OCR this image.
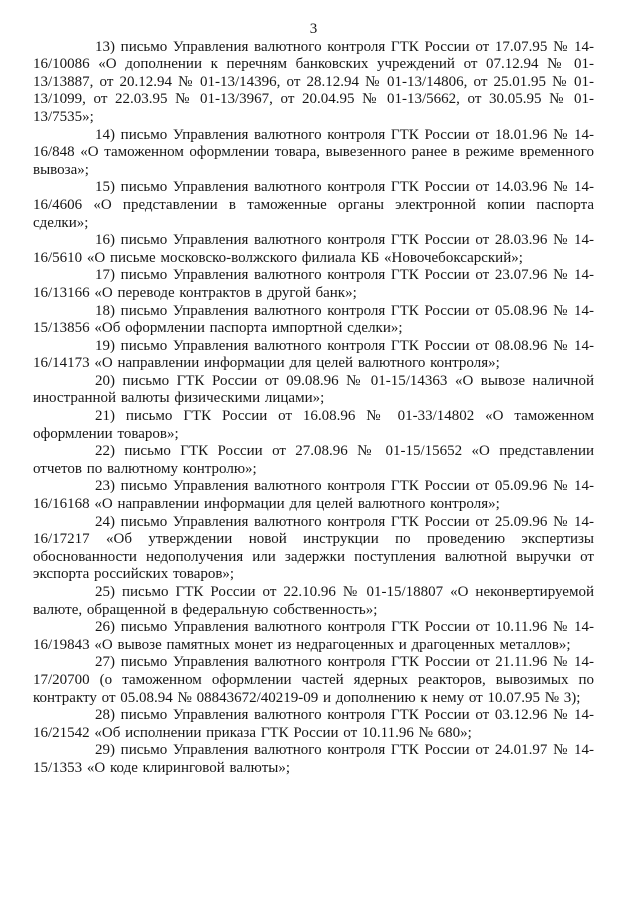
3

13) письмо Управления валютного контроля ГТК России от 17.07.95 № 14-16/10086 «О дополнении к перечням банковских учреждений от 07.12.94 № 01-13/13887, от 20.12.94 № 01-13/14396, от 28.12.94 № 01-13/14806, от 25.01.95 № 01-13/1099, от 22.03.95 № 01-13/3967, от 20.04.95 № 01-13/5662, от 30.05.95 № 01-13/7535»;

14) письмо Управления валютного контроля ГТК России от 18.01.96 № 14-16/848 «О таможенном оформлении товара, вывезенного ранее в режиме временного вывоза»;

15) письмо Управления валютного контроля ГТК России от 14.03.96 № 14-16/4606 «О представлении в таможенные органы электронной копии паспорта сделки»;

16) письмо Управления валютного контроля ГТК России от 28.03.96 № 14-16/5610 «О письме московско-волжского филиала КБ «Новочебоксарский»;

17) письмо Управления валютного контроля ГТК России от 23.07.96 № 14-16/13166 «О переводе контрактов в другой банк»;

18) письмо Управления валютного контроля ГТК России от 05.08.96 № 14-15/13856 «Об оформлении паспорта импортной сделки»;

19) письмо Управления валютного контроля ГТК России от 08.08.96 № 14-16/14173 «О направлении информации для целей валютного контроля»;

20) письмо ГТК России от 09.08.96 № 01-15/14363 «О вывозе наличной иностранной валюты физическими лицами»;

21) письмо ГТК России от 16.08.96 № 01-33/14802 «О таможенном оформлении товаров»;

22) письмо ГТК России от 27.08.96 № 01-15/15652 «О представлении отчетов по валютному контролю»;

23) письмо Управления валютного контроля ГТК России от 05.09.96 № 14-16/16168 «О направлении информации для целей валютного контроля»;

24) письмо Управления валютного контроля ГТК России от 25.09.96 № 14-16/17217 «Об утверждении новой инструкции по проведению экспертизы обоснованности недополучения или задержки поступления валютной выручки от экспорта российских товаров»;

25) письмо ГТК России от 22.10.96 № 01-15/18807 «О неконвертируемой валюте, обращенной в федеральную собственность»;

26) письмо Управления валютного контроля ГТК России от 10.11.96 № 14-16/19843 «О вывозе памятных монет из недрагоценных и драгоценных металлов»;

27) письмо Управления валютного контроля ГТК России от 21.11.96 № 14-17/20700 (о таможенном оформлении частей ядерных реакторов, вывозимых по контракту от 05.08.94 № 08843672/40219-09 и дополнению к нему от 10.07.95 № 3);

28) письмо Управления валютного контроля ГТК России от 03.12.96 № 14-16/21542 «Об исполнении приказа ГТК России от 10.11.96 № 680»;

29) письмо Управления валютного контроля ГТК России от 24.01.97 № 14-15/1353 «О коде клиринговой валюты»;
